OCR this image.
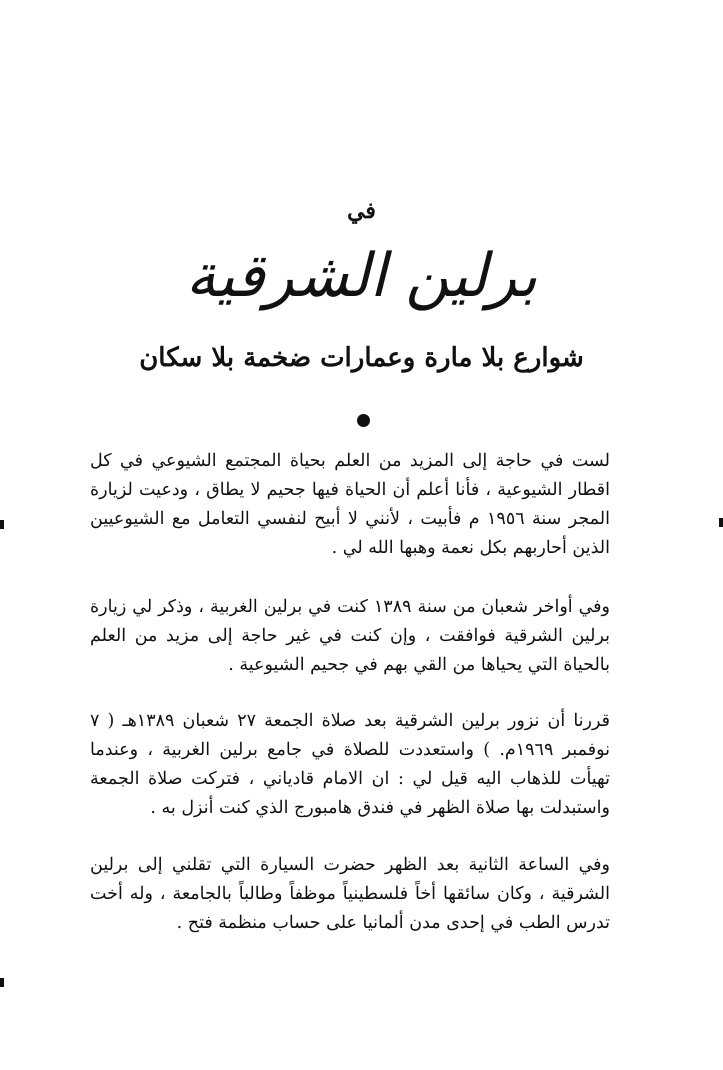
في
برلين الشرقية
شوارع بلا مارة وعمارات ضخمة بلا سكان
لست في حاجة إلى المزيد من العلم بحياة المجتمع الشيوعي في كل اقطار الشيوعية ، فأنا أعلم أن الحياة فيها جحيم لا يطاق ، ودعيت لزيارة المجر سنة ١٩٥٦ م فأبيت ، لأنني لا أبيح لنفسي التعامل مع الشيوعيين الذين أحاربهم بكل نعمة وهبها الله لي .
وفي أواخر شعبان من سنة ١٣٨٩ كنت في برلين الغربية ، وذكر لي زيارة برلين الشرقية فوافقت ، وإن كنت في غير حاجة إلى مزيد من العلم بالحياة التي يحياها من القي بهم في جحيم الشيوعية .
قررنا أن نزور برلين الشرقية بعد صلاة الجمعة ٢٧ شعبان ١٣٨٩هـ ( ٧ نوفمبر ١٩٦٩م. ) واستعددت للصلاة في جامع برلين الغربية ، وعندما تهيأت للذهاب اليه قيل لي : ان الامام قادياني ، فتركت صلاة الجمعة واستبدلت بها صلاة الظهر في فندق هامبورج الذي كنت أنزل به .
وفي الساعة الثانية بعد الظهر حضرت السيارة التي تقلني إلى برلين الشرقية ، وكان سائقها أخاً فلسطينياً موظفاً وطالباً بالجامعة ، وله أخت تدرس الطب في إحدى مدن ألمانيا على حساب منظمة فتح .
